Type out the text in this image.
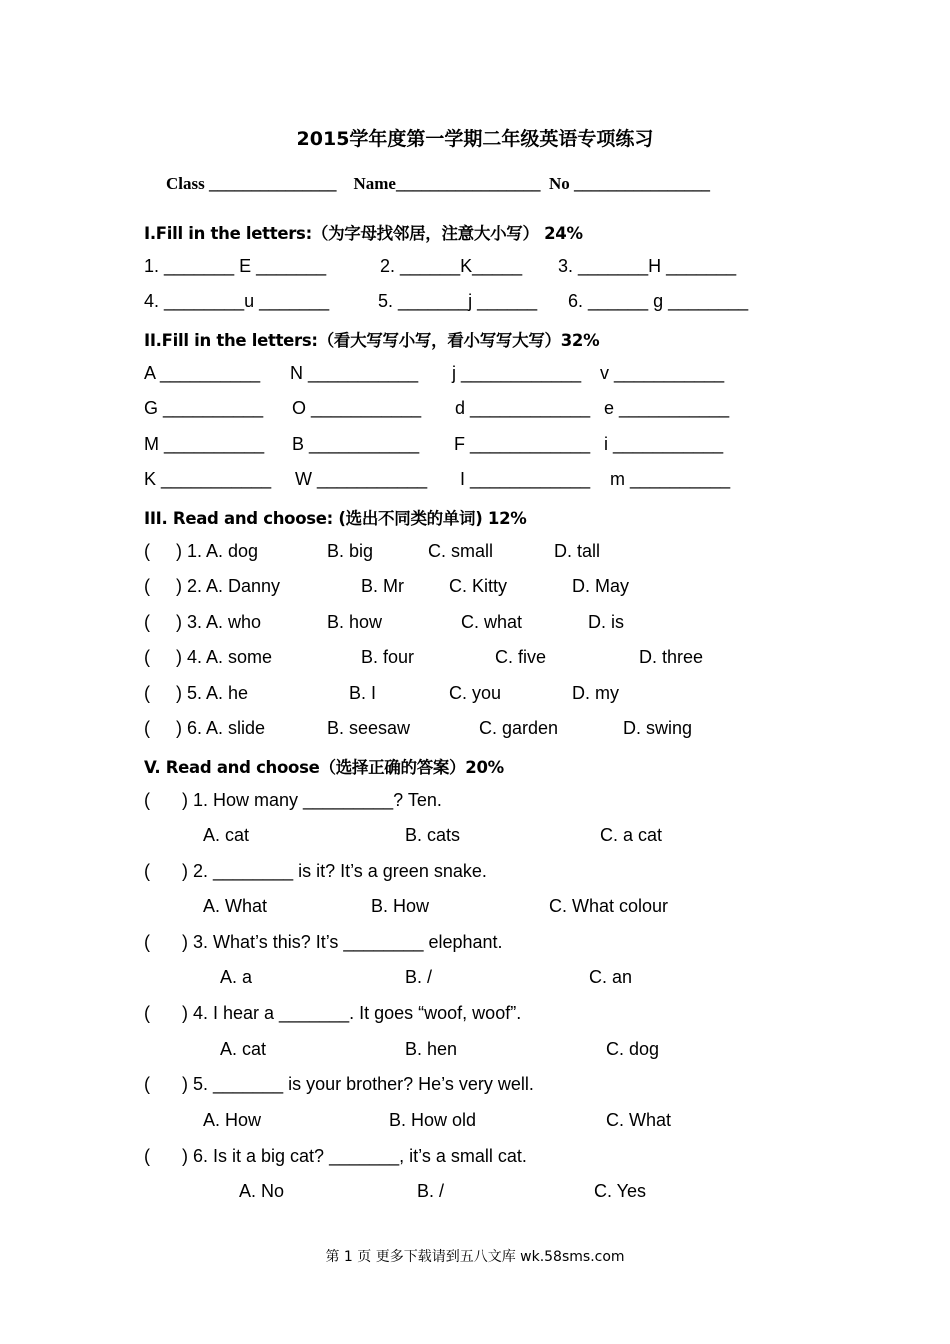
2015学年度第一学期二年级英语专项练习
Class _______________    Name_________________  No ________________
I.Fill in the letters:（为字母找邻居，注意大小写） 24%
1. _______ E _______	2. ______K_____ 3. _______H _______
4. ________u _______	5. _______j ______ 6. ______ g ________
II.Fill in the letters:（看大写写小写，看小写写大写）32%
A __________ N ___________ j ____________ v ___________
G __________ O ___________ d ____________ e ___________
M __________ B ___________ F ____________ i ___________
K ___________ W ___________ I ____________ m __________
III. Read and choose: (选出不同类的单词) 12%
( ) 1. A. dog	B. big	C. small	D. tall
( ) 2. A. Danny	B. Mr	C. Kitty	D. May
( ) 3. A. who	B. how	C. what	D. is
( ) 4. A. some	B. four	C. five	D. three
( ) 5. A. he	B. I	C. you	D. my
( ) 6. A. slide	B. seesaw	C. garden	D. swing
V. Read and choose（选择正确的答案）20%
( ) 1. How many _________? Ten.
A. cat	B. cats	C. a cat
( ) 2. ________ is it? It’s a green snake.
A. What	B. How	C. What colour
( ) 3. What’s this? It’s ________ elephant.
A. a	B. /	C. an
( ) 4. I hear a _______. It goes “woof, woof”.
A. cat	B. hen	C. dog
( ) 5. _______ is your brother? He’s very well.
A. How	B. How old	C. What
( ) 6. Is it a big cat? _______, it’s a small cat.
A. No	B. /	C. Yes
第 1 页 更多下载请到五八文库 wk.58sms.com
